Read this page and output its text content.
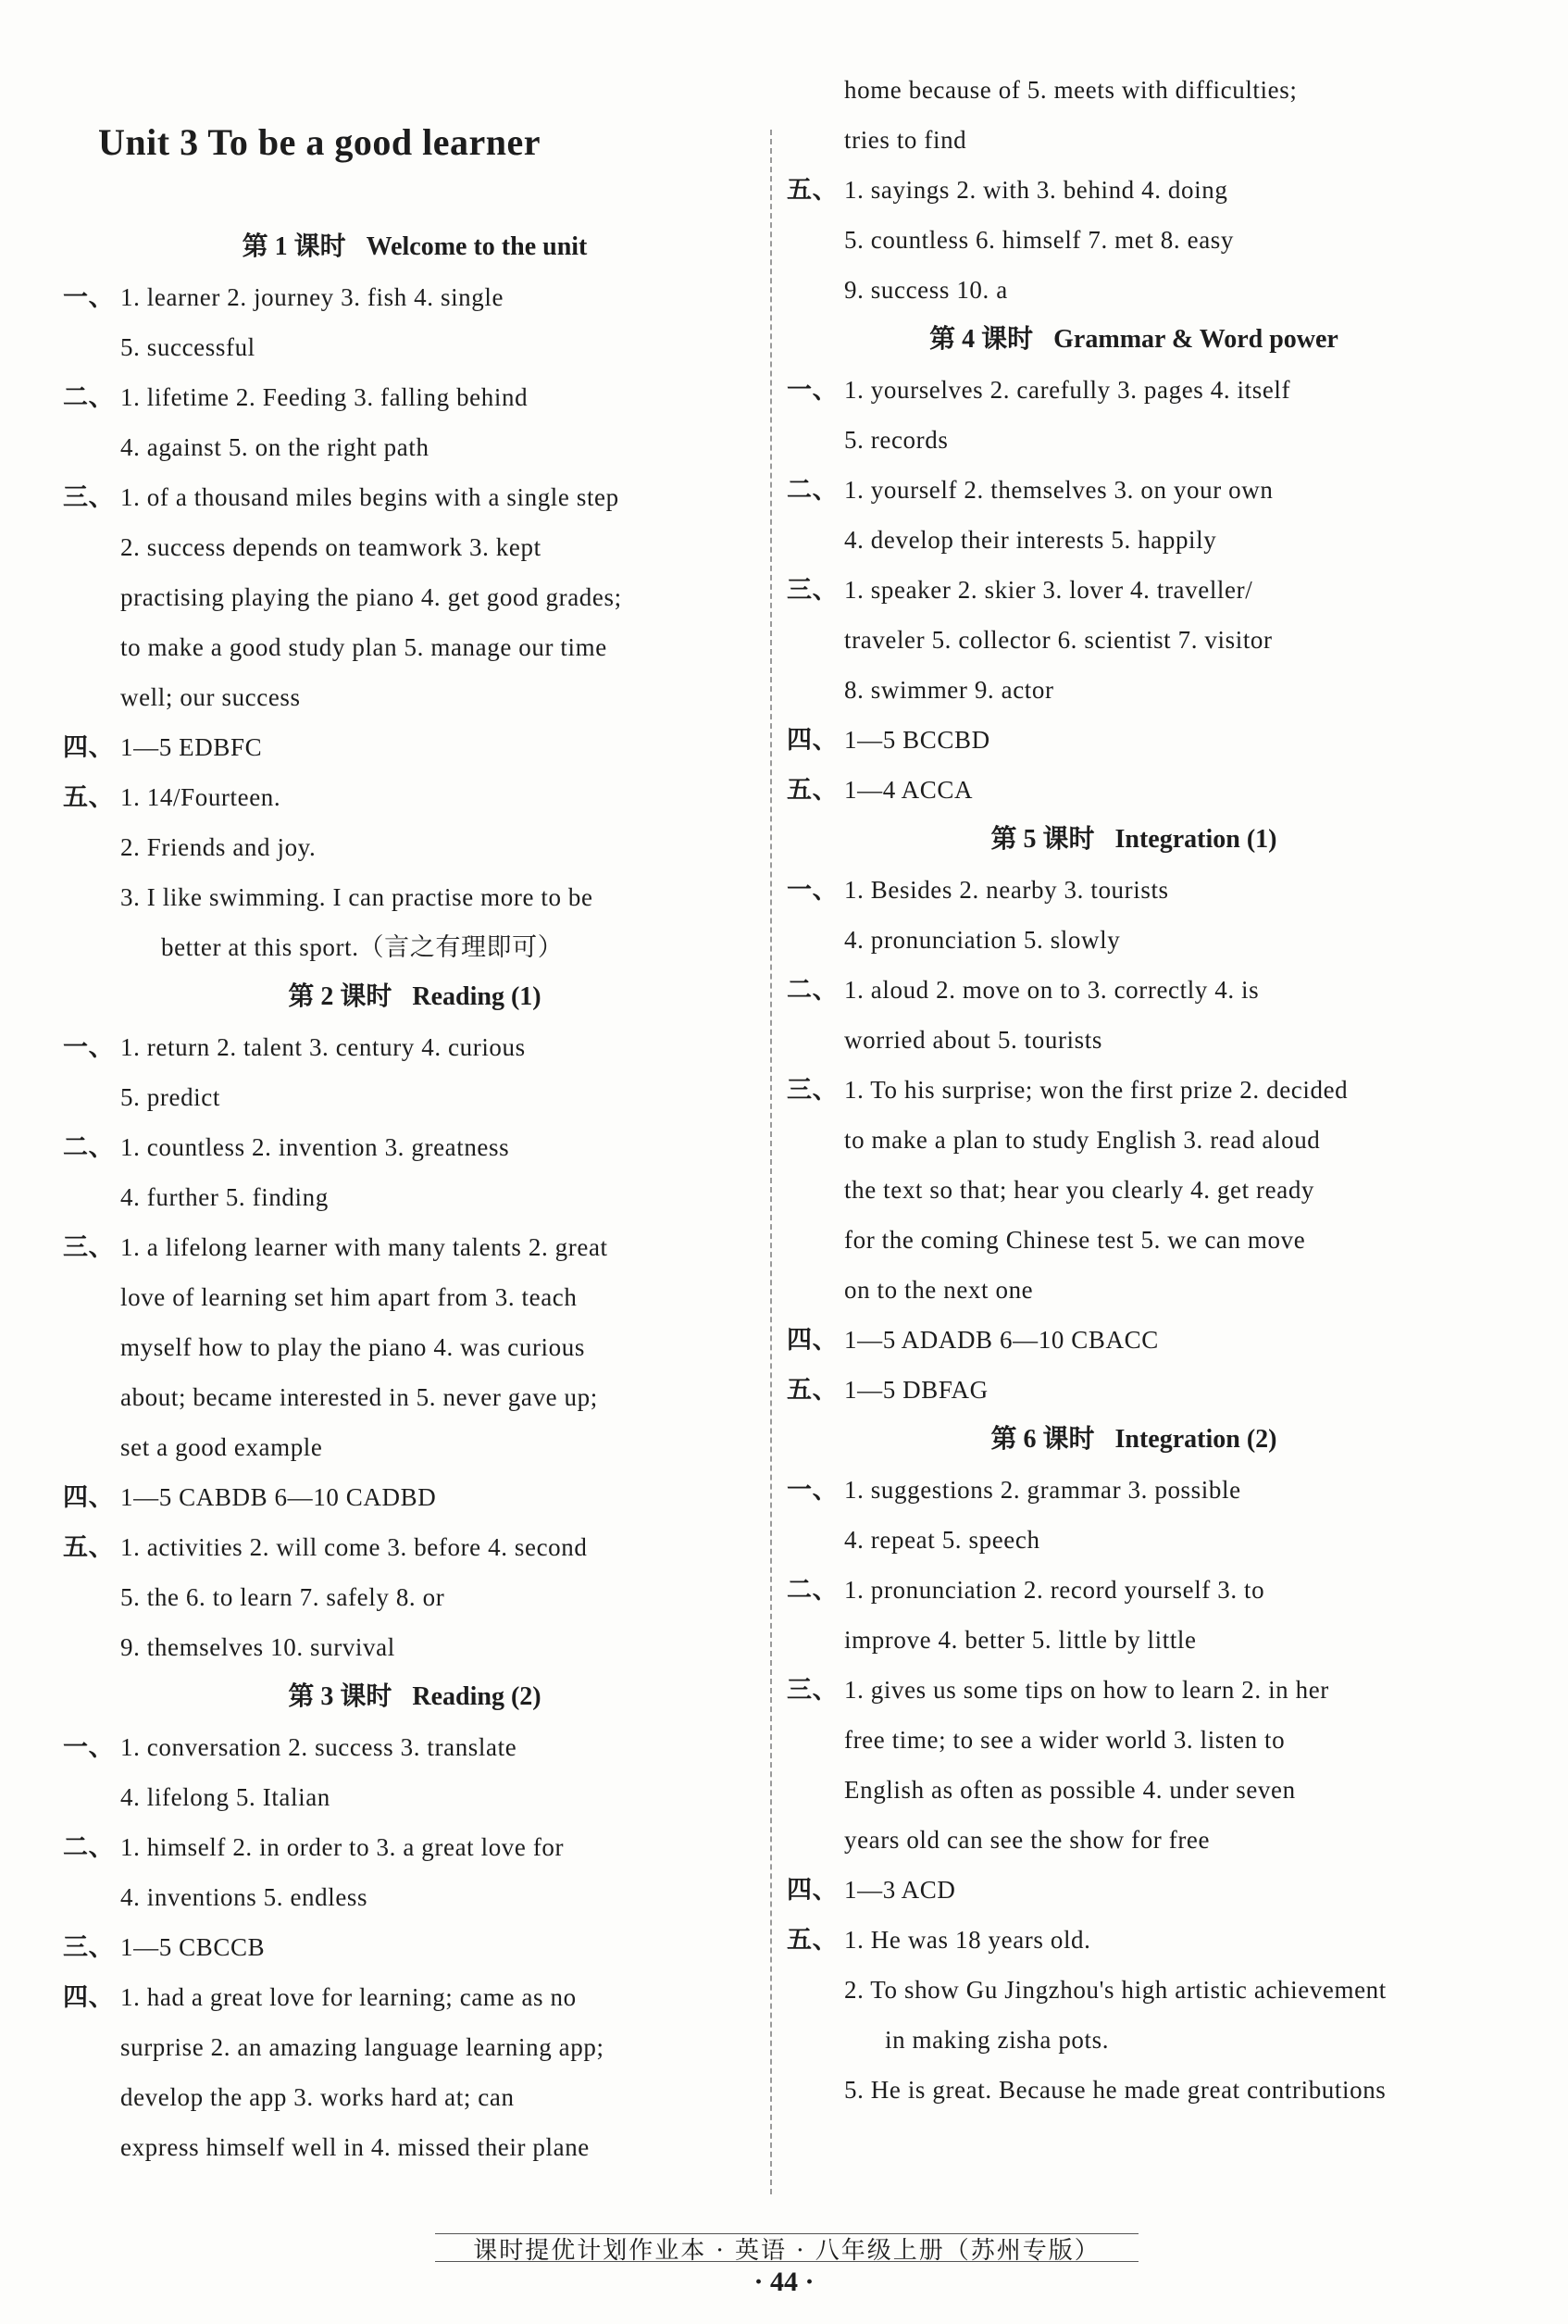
Unit 3 To be a good learner
第 1 课时 Welcome to the unit
一、 1. learner 2. journey 3. fish 4. single
5. successful
二、 1. lifetime 2. Feeding 3. falling behind
4. against 5. on the right path
三、 1. of a thousand miles begins with a single step
2. success depends on teamwork 3. kept
practising playing the piano 4. get good grades;
to make a good study plan 5. manage our time
well; our success
四、 1—5 EDBFC
五、 1. 14/Fourteen.
2. Friends and joy.
3. I like swimming. I can practise more to be
better at this sport.（言之有理即可）
第 2 课时 Reading (1)
一、 1. return 2. talent 3. century 4. curious
5. predict
二、 1. countless 2. invention 3. greatness
4. further 5. finding
三、 1. a lifelong learner with many talents 2. great
love of learning set him apart from 3. teach
myself how to play the piano 4. was curious
about; became interested in 5. never gave up;
set a good example
四、 1—5 CABDB 6—10 CADBD
五、 1. activities 2. will come 3. before 4. second
5. the 6. to learn 7. safely 8. or
9. themselves 10. survival
第 3 课时 Reading (2)
一、 1. conversation 2. success 3. translate
4. lifelong 5. Italian
二、 1. himself 2. in order to 3. a great love for
4. inventions 5. endless
三、 1—5 CBCCB
四、 1. had a great love for learning; came as no
surprise 2. an amazing language learning app;
develop the app 3. works hard at; can
express himself well in 4. missed their plane
home because of 5. meets with difficulties;
tries to find
五、 1. sayings 2. with 3. behind 4. doing
5. countless 6. himself 7. met 8. easy
9. success 10. a
第 4 课时 Grammar & Word power
一、 1. yourselves 2. carefully 3. pages 4. itself
5. records
二、 1. yourself 2. themselves 3. on your own
4. develop their interests 5. happily
三、 1. speaker 2. skier 3. lover 4. traveller/
traveler 5. collector 6. scientist 7. visitor
8. swimmer 9. actor
四、 1—5 BCCBD
五、 1—4 ACCA
第 5 课时 Integration (1)
一、 1. Besides 2. nearby 3. tourists
4. pronunciation 5. slowly
二、 1. aloud 2. move on to 3. correctly 4. is
worried about 5. tourists
三、 1. To his surprise; won the first prize 2. decided
to make a plan to study English 3. read aloud
the text so that; hear you clearly 4. get ready
for the coming Chinese test 5. we can move
on to the next one
四、 1—5 ADADB 6—10 CBACC
五、 1—5 DBFAG
第 6 课时 Integration (2)
一、 1. suggestions 2. grammar 3. possible
4. repeat 5. speech
二、 1. pronunciation 2. record yourself 3. to
improve 4. better 5. little by little
三、 1. gives us some tips on how to learn 2. in her
free time; to see a wider world 3. listen to
English as often as possible 4. under seven
years old can see the show for free
四、 1—3 ACD
五、 1. He was 18 years old.
2. To show Gu Jingzhou's high artistic achievement
in making zisha pots.
5. He is great. Because he made great contributions
课时提优计划作业本 · 英语 · 八年级上册（苏州专版）
· 44 ·
